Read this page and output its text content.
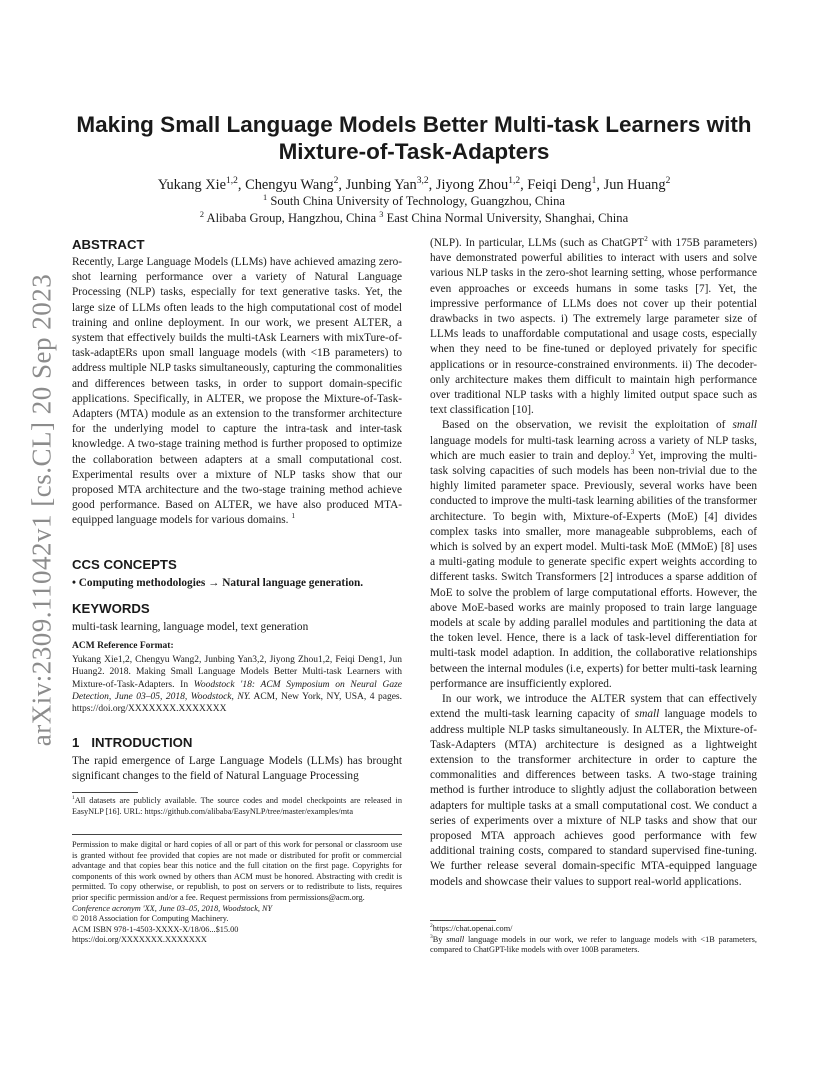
arXiv:2309.11042v1 [cs.CL] 20 Sep 2023
Making Small Language Models Better Multi-task Learners with Mixture-of-Task-Adapters
Yukang Xie$^{1,2}$, Chengyu Wang$^2$, Junbing Yan$^{3,2}$, Jiyong Zhou$^{1,2}$, Feiqi Deng$^1$, Jun Huang$^2$
$^1$ South China University of Technology, Guangzhou, China
$^2$ Alibaba Group, Hangzhou, China $^3$ East China Normal University, Shanghai, China
ABSTRACT

Recently, Large Language Models (LLMs) have achieved amazing zero-shot learning performance over a variety of Natural Language Processing (NLP) tasks, especially for text generative tasks. Yet, the large size of LLMs often leads to the high computational cost of model training and online deployment. In our work, we present ALTER, a system that effectively builds the multi-tAsk Learners with mixTure-of-task-adaptERs upon small language models (with <1B parameters) to address multiple NLP tasks simultaneously, capturing the commonalities and differences between tasks, in order to support domain-specific applications. Specifically, in ALTER, we propose the Mixture-of-Task-Adapters (MTA) module as an extension to the transformer architecture for the underlying model to capture the intra-task and inter-task knowledge. A two-stage training method is further proposed to optimize the collaboration between adapters at a small computational cost. Experimental results over a mixture of NLP tasks show that our proposed MTA architecture and the two-stage training method achieve good performance. Based on ALTER, we have also produced MTA-equipped language models for various domains. $^1$

CCS CONCEPTS

• Computing methodologies → Natural language generation.

KEYWORDS

multi-task learning, language model, text generation

ACM Reference Format:

Yukang Xie1,2, Chengyu Wang2, Junbing Yan3,2, Jiyong Zhou1,2, Feiqi Deng1, Jun Huang2. 2018. Making Small Language Models Better Multi-task Learners with Mixture-of-Task-Adapters. In Woodstock '18: ACM Symposium on Neural Gaze Detection, June 03–05, 2018, Woodstock, NY. ACM, New York, NY, USA, 4 pages. https://doi.org/XXXXXXX.XXXXXXX

1 INTRODUCTION

The rapid emergence of Large Language Models (LLMs) has brought significant changes to the field of Natural Language Processing

$^1$All datasets are publicly available. The source codes and model checkpoints are released in EasyNLP [16]. URL: https://github.com/alibaba/EasyNLP/tree/master/examples/mta

Permission to make digital or hard copies of all or part of this work for personal or classroom use is granted without fee provided that copies are not made or distributed for profit or commercial advantage and that copies bear this notice and the full citation on the first page. Copyrights for components of this work owned by others than ACM must be honored. Abstracting with credit is permitted. To copy otherwise, or republish, to post on servers or to redistribute to lists, requires prior specific permission and/or a fee. Request permissions from permissions@acm.org.

Conference acronym 'XX, June 03–05, 2018, Woodstock, NY

© 2018 Association for Computing Machinery.

ACM ISBN 978-1-4503-XXXX-X/18/06...$15.00

https://doi.org/XXXXXXX.XXXXXXX

(NLP). In particular, LLMs (such as ChatGPT$^2$ with 175B parameters) have demonstrated powerful abilities to interact with users and solve various NLP tasks in the zero-shot learning setting, whose performance even approaches or exceeds humans in some tasks [7]. Yet, the impressive performance of LLMs does not cover up their potential drawbacks in two aspects. i) The extremely large parameter size of LLMs leads to unaffordable computational and usage costs, especially when they need to be fine-tuned or deployed privately for specific applications or in resource-constrained environments. ii) The decoder-only architecture makes them difficult to maintain high performance over traditional NLP tasks with a highly limited output space such as text classification [10].

Based on the observation, we revisit the exploitation of small language models for multi-task learning across a variety of NLP tasks, which are much easier to train and deploy.$^3$ Yet, improving the multi-task solving capacities of such models has been non-trivial due to the highly limited parameter space. Previously, several works have been conducted to improve the multi-task learning abilities of the transformer architecture. To begin with, Mixture-of-Experts (MoE) [4] divides complex tasks into smaller, more manageable subproblems, each of which is solved by an expert model. Multi-task MoE (MMoE) [8] uses a multi-gating module to generate specific expert weights according to different tasks. Switch Transformers [2] introduces a sparse addition of MoE to solve the problem of large computational efforts. However, the above MoE-based works are mainly proposed to train large language models at scale by adding parallel modules and partitioning the data at the token level. Hence, there is a lack of task-level differentiation for multi-task model adaption. In addition, the collaborative relationships between the internal modules (i.e, experts) for better multi-task learning performance are insufficiently explored.

In our work, we introduce the ALTER system that can effectively extend the multi-task learning capacity of small language models to address multiple NLP tasks simultaneously. In ALTER, the Mixture-of-Task-Adapters (MTA) architecture is designed as a lightweight extension to the transformer architecture in order to capture the commonalities and differences between tasks. A two-stage training method is further introduce to slightly adjust the collaboration between adapters for multiple tasks at a small computational cost. We conduct a series of experiments over a mixture of NLP tasks and show that our proposed MTA approach achieves good performance with few additional training costs, compared to standard supervised fine-tuning. We further release several domain-specific MTA-equipped language models and showcase their values to support real-world applications.

$^2$https://chat.openai.com/

$^3$By small language models in our work, we refer to language models with <1B parameters, compared to ChatGPT-like models with over 100B parameters.
